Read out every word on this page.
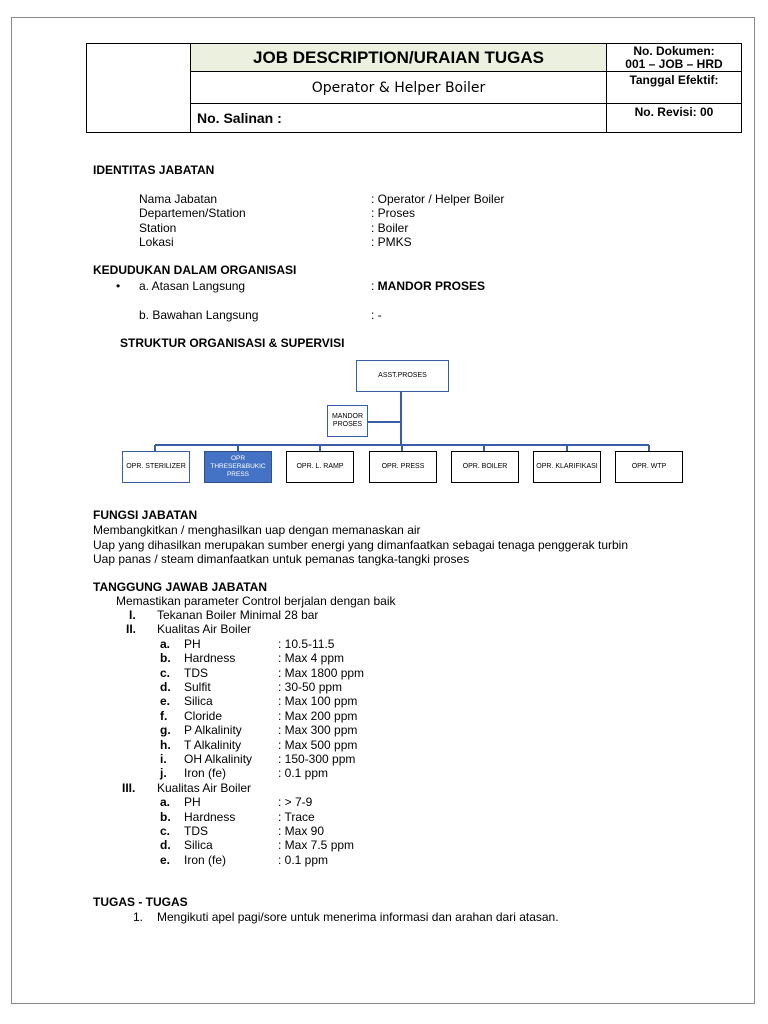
JOB DESCRIPTION/URAIAN TUGAS
Operator & Helper Boiler
No. Salinan :
No. Dokumen:
001 – JOB – HRD
Tanggal Efektif:
No. Revisi: 00
IDENTITAS JABATAN
Nama Jabatan	: Operator / Helper Boiler
Departemen/Station	: Proses
Station	: Boiler
Lokasi	: PMKS
KEDUDUKAN DALAM ORGANISASI
• a. Atasan Langsung	: MANDOR PROSES
b. Bawahan Langsung	: -
STRUKTUR ORGANISASI & SUPERVISI
ASST.PROSES
MANDOR PROSES
OPR. STERILIZER
OPR THRESER&BUKIC PRESS
OPR. L. RAMP	OPR. PRESS	OPR. BOILER	OPR. KLARIFIKASI	OPR. WTP
FUNGSI JABATAN
Membangkitkan / menghasilkan uap dengan memanaskan air
Uap yang dihasilkan merupakan sumber energi yang dimanfaatkan sebagai tenaga penggerak turbin
Uap panas / steam dimanfaatkan untuk pemanas tangka-tangki proses
TANGGUNG JAWAB JABATAN
Memastikan parameter Control berjalan dengan baik
I. Tekanan Boiler Minimal 28 bar
II. Kualitas Air Boiler
a. PH	: 10.5-11.5
b. Hardness	: Max 4 ppm
c. TDS	: Max 1800 ppm
d. Sulfit	: 30-50 ppm
e. Silica	: Max 100 ppm
f. Cloride	: Max 200 ppm
g. P Alkalinity	: Max 300 ppm
h. T Alkalinity	: Max 500 ppm
i. OH Alkalinity : 150-300 ppm
j. Iron (fe)	: 0.1 ppm
III. Kualitas Air Boiler
a. PH	: > 7-9
b. Hardness	: Trace
c. TDS	: Max 90
d. Silica	: Max 7.5 ppm
e. Iron (fe)	: 0.1 ppm
TUGAS - TUGAS
1. Mengikuti apel pagi/sore untuk menerima informasi dan arahan dari atasan.
